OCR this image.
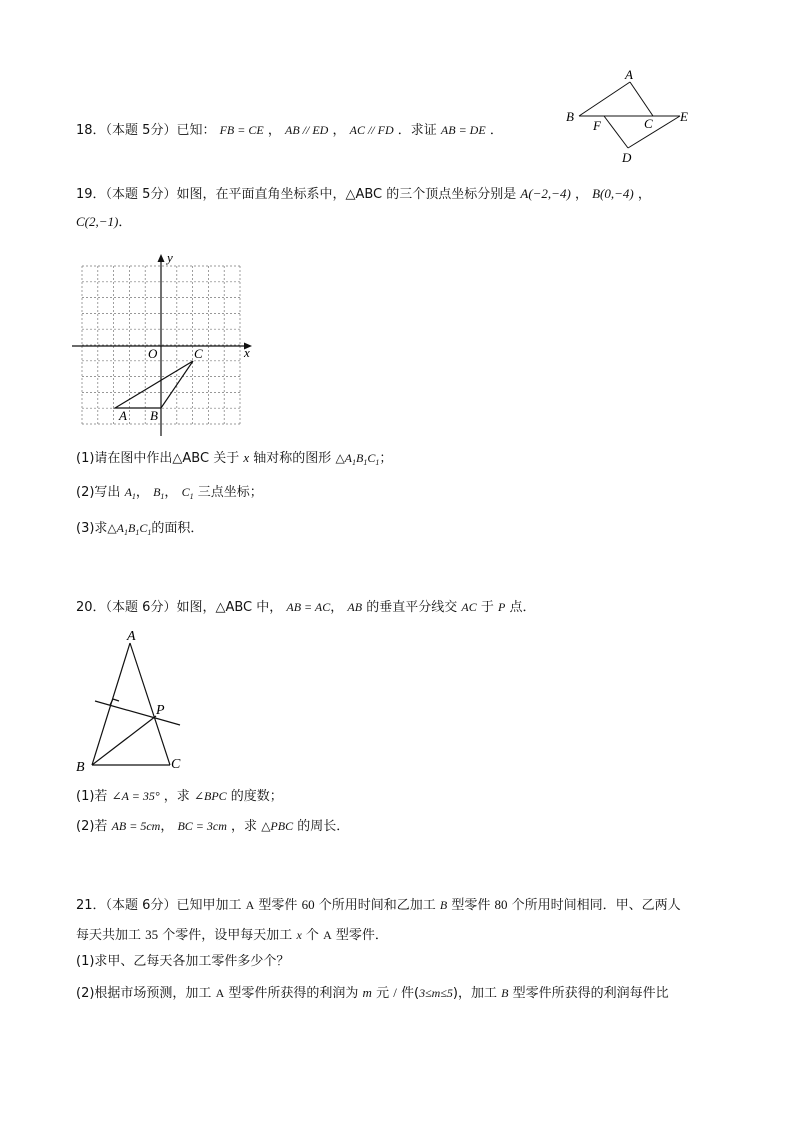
18．（本题 5分）已知： FB = CE ， AB // ED ， AC // FD ．求证 AB = DE ．
A
B
F	C E
D
19．（本题 5分）如图，在平面直角坐标系中，△ABC 的三个顶点坐标分别是 A(−2,−4) ， B(0,−4) ，
C(2,−1)．
x
y
O	C
A B
(1)请在图中作出△ABC 关于 x 轴对称的图形 $\triangle A_1B_1C_1$；
(2)写出 $A_1$， $B_1$， $C_1$ 三点坐标；
(3)求$\triangle A_1B_1C_1$的面积．
20．（本题 6分）如图，△ABC 中， AB = AC， AB 的垂直平分线交 AC 于 P 点．
A
P
B	C
(1)若 ∠A = 35° ，求 ∠BPC 的度数；
(2)若 AB = 5cm， BC = 3cm ，求 △PBC 的周长．
21．（本题 6分）已知甲加工 A 型零件 60 个所用时间和乙加工 B 型零件 80 个所用时间相同．甲、乙两人
每天共加工 35 个零件，设甲每天加工 x 个 A 型零件．
(1)求甲、乙每天各加工零件多少个？
(2)根据市场预测，加工 A 型零件所获得的利润为 m 元 / 件(3≤m≤5)，加工 B 型零件所获得的利润每件比
